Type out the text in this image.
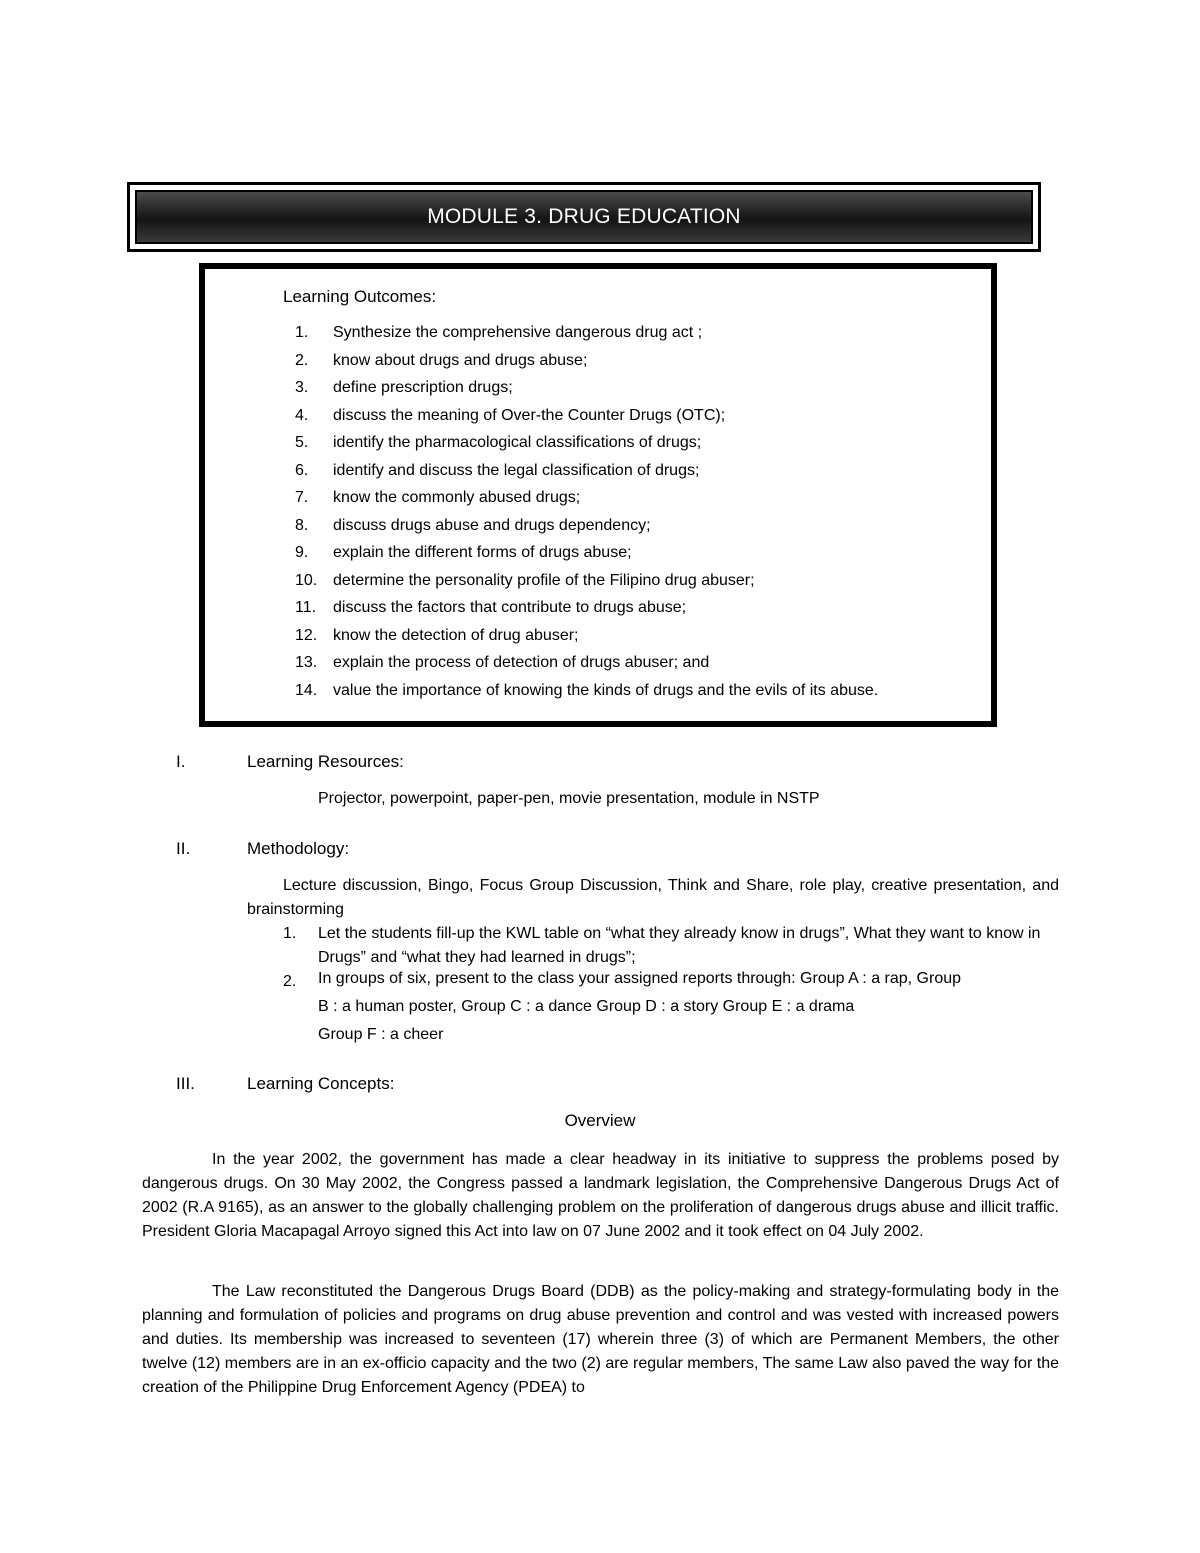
MODULE 3. DRUG EDUCATION
Learning Outcomes:
1.	Synthesize the comprehensive dangerous drug act ;
2.	know about drugs and drugs abuse;
3.	define prescription drugs;
4.	discuss the meaning of Over-the Counter Drugs (OTC);
5.	identify the pharmacological classifications of drugs;
6.	identify and discuss the legal classification of drugs;
7.	know the commonly abused drugs;
8.	discuss drugs abuse and drugs dependency;
9.	explain the different forms of drugs abuse;
10. determine the personality profile of the Filipino drug abuser;
11.	discuss the factors that contribute to drugs abuse;
12. know the detection of drug abuser;
13. explain the process of detection of drugs abuser; and
14. value the importance of knowing the kinds of drugs and the evils of its abuse.
I.	Learning Resources:
Projector, powerpoint, paper-pen, movie presentation, module in NSTP
II.	Methodology:
Lecture discussion, Bingo, Focus Group Discussion, Think and Share, role play, creative presentation, and brainstorming
1. Let the students fill-up the KWL table on “what they already know in drugs”, What they want to know in Drugs” and “what they had learned in drugs”;
2. In groups of six, present to the class your assigned reports through: Group A : a rap, Group
B : a human poster, Group C : a dance Group D : a story Group E : a drama
Group F : a cheer
III.	Learning Concepts:
Overview
In the year 2002, the government has made a clear headway in its initiative to suppress the problems posed by dangerous drugs. On 30 May 2002, the Congress passed a landmark legislation, the Comprehensive Dangerous Drugs Act of 2002 (R.A 9165), as an answer to the globally challenging problem on the proliferation of dangerous drugs abuse and illicit traffic. President Gloria Macapagal Arroyo signed this Act into law on 07 June 2002 and it took effect on 04 July 2002.
The Law reconstituted the Dangerous Drugs Board (DDB) as the policy-making and strategy-formulating body in the planning and formulation of policies and programs on drug abuse prevention and control and was vested with increased powers and duties. Its membership was increased to seventeen (17) wherein three (3) of which are Permanent Members, the other twelve (12) members are in an ex-officio capacity and the two (2) are regular members, The same Law also paved the way for the creation of the Philippine Drug Enforcement Agency (PDEA) to
